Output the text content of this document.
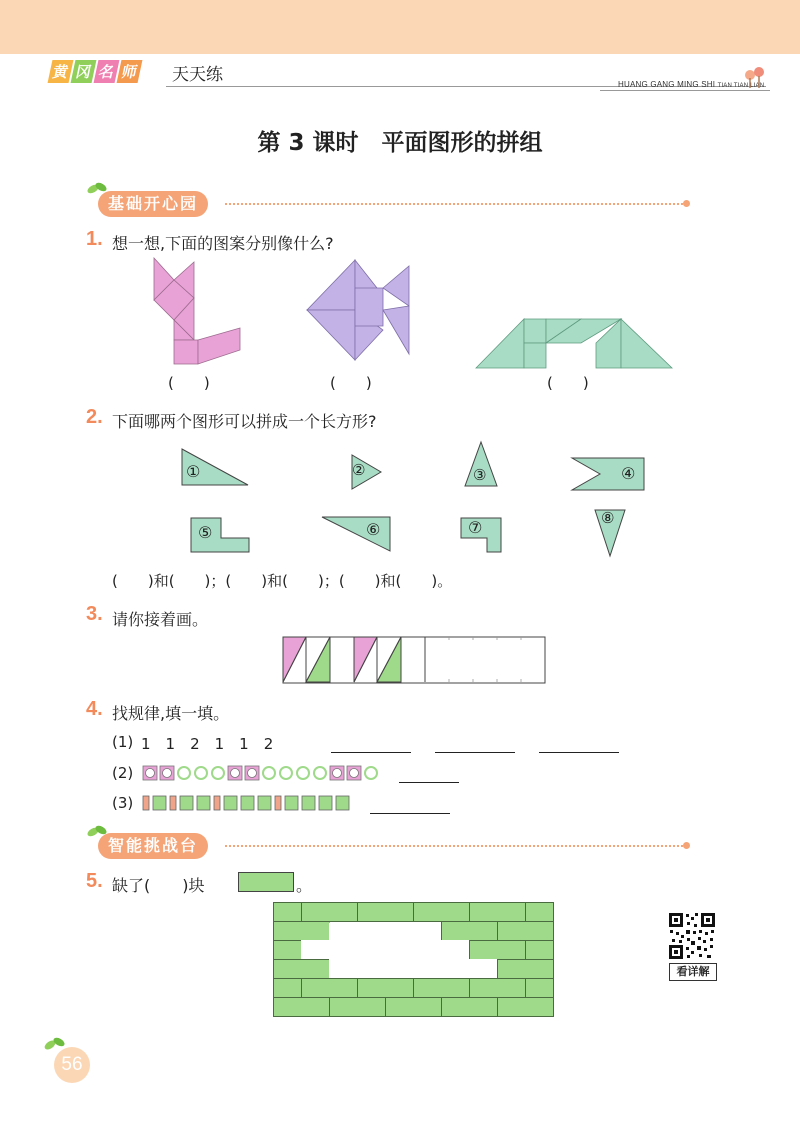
黄 冈 名 师 天天练	HUANG GANG MING SHI TIAN TIAN LIAN
第 3 课时　平面图形的拼组
基础开心园
1. 想一想,下面的图案分别像什么?
(　　)	(　　)	(　　)
2. 下面哪两个图形可以拼成一个长方形?
①	②	③	④
⑤	⑥	⑦	⑧
(　　)和(　　)；(　　)和(　　)；(　　)和(　　)。
3. 请你接着画。
4. 找规律,填一填。
(1) 1　1　2　1　1　2
(2)
(3)
智能挑战台
5. 缺了(　　)块	。
看详解
56
